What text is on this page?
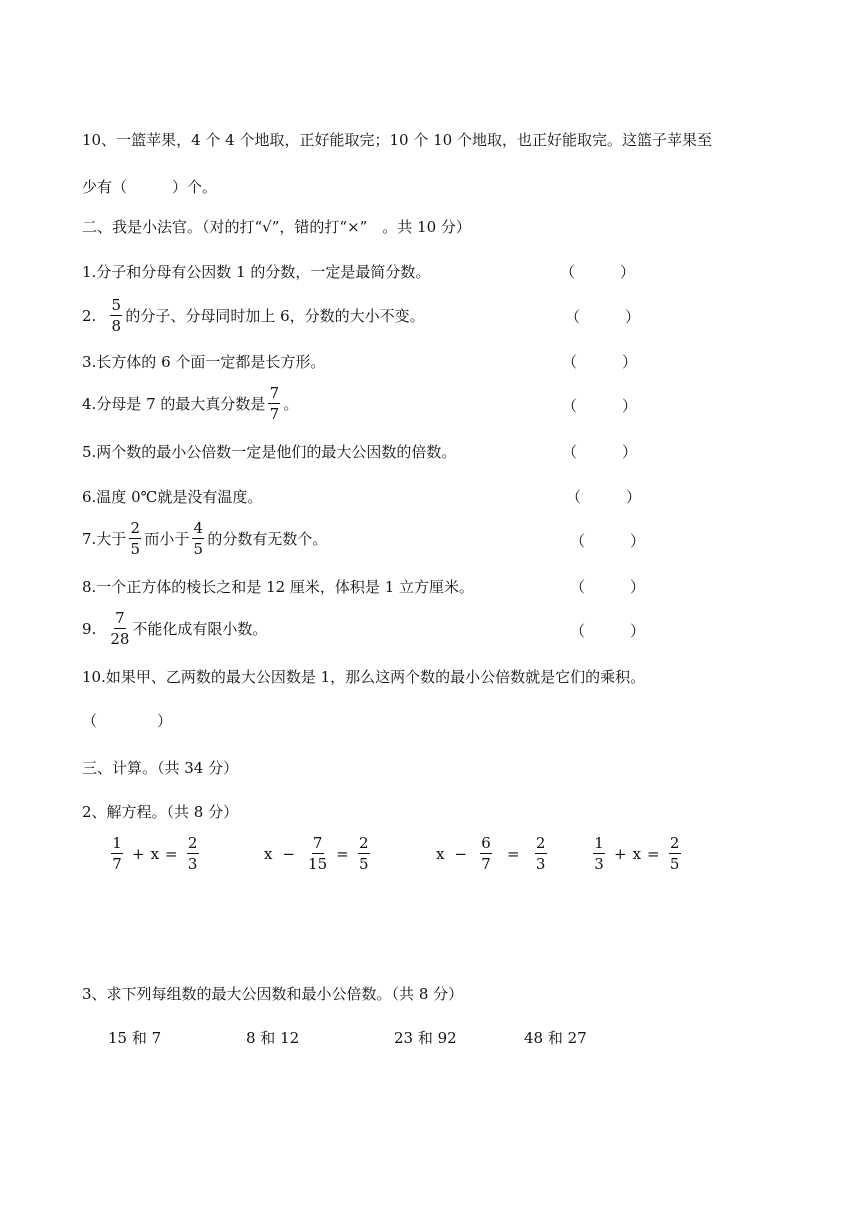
10、一篮苹果，4 个 4 个地取，正好能取完；10 个 10 个地取，也正好能取完。这篮子苹果至
少有（　　　）个。
二、我是小法官。（对的打“√”，错的打“×”　。共 10 分）
1.分子和分母有公因数 1 的分数，一定是最简分数。	（　　　）
2. $\frac{5}{8}$ 的分子、分母同时加上 6，分数的大小不变。	（　　　）
3.长方体的 6 个面一定都是长方形。	（　　　）
4.分母是 7 的最大真分数是 $\frac{7}{7}$ 。	（　　　）
5.两个数的最小公倍数一定是他们的最大公因数的倍数。	（　　　）
6.温度 0℃就是没有温度。	（　　　）
7.大于 $\frac{2}{5}$ 而小于 $\frac{4}{5}$ 的分数有无数个。	（　　　）
8.一个正方体的棱长之和是 12 厘米，体积是 1 立方厘米。	（　　　）
9. $\frac{7}{28}$ 不能化成有限小数。	（　　　）
10.如果甲、乙两数的最大公因数是 1，那么这两个数的最小公倍数就是它们的乘积。
（　　　　）
三、计算。（共 34 分）
2、解方程。（共 8 分）
$\frac{1}{7} + x = \frac{2}{3}$	$x - \frac{7}{15} = \frac{2}{5}$	$x - \frac{6}{7} = \frac{2}{3}$	$\frac{1}{3} + x = \frac{2}{5}$
3、求下列每组数的最大公因数和最小公倍数。（共 8 分）
15 和 7	8 和 12	23 和 92	48 和 27
